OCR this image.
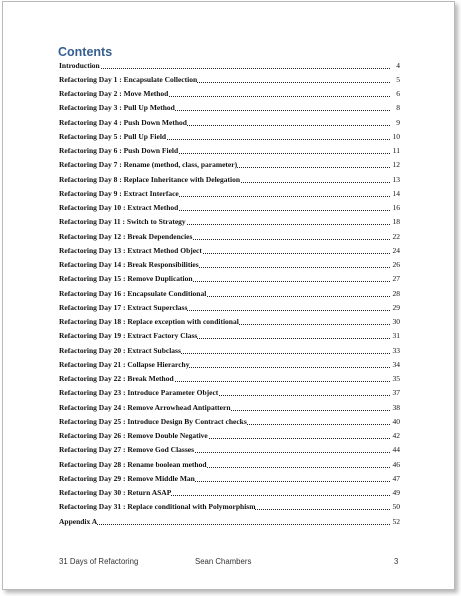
Contents
Introduction	4
Refactoring Day 1 : Encapsulate Collection	5
Refactoring Day 2 : Move Method	6
Refactoring Day 3 : Pull Up Method	8
Refactoring Day 4 : Push Down Method	9
Refactoring Day 5 : Pull Up Field	10
Refactoring Day 6 : Push Down Field	11
Refactoring Day 7 : Rename (method, class, parameter)	12
Refactoring Day 8 : Replace Inheritance with Delegation	13
Refactoring Day 9 : Extract Interface	14
Refactoring Day 10 : Extract Method	16
Refactoring Day 11 : Switch to Strategy	18
Refactoring Day 12 : Break Dependencies	22
Refactoring Day 13 : Extract Method Object	24
Refactoring Day 14 : Break Responsibilities	26
Refactoring Day 15 : Remove Duplication	27
Refactoring Day 16 : Encapsulate Conditional	28
Refactoring Day 17 : Extract Superclass	29
Refactoring Day 18 : Replace exception with conditional	30
Refactoring Day 19 : Extract Factory Class	31
Refactoring Day 20 : Extract Subclass	33
Refactoring Day 21 : Collapse Hierarchy	34
Refactoring Day 22 : Break Method	35
Refactoring Day 23 : Introduce Parameter Object	37
Refactoring Day 24 : Remove Arrowhead Antipattern	38
Refactoring Day 25 : Introduce Design By Contract checks	40
Refactoring Day 26 : Remove Double Negative	42
Refactoring Day 27 : Remove God Classes	44
Refactoring Day 28 : Rename boolean method	46
Refactoring Day 29 : Remove Middle Man	47
Refactoring Day 30 : Return ASAP	49
Refactoring Day 31 : Replace conditional with Polymorphism	50
Appendix A	52
31 Days of Refactoring	Sean Chambers	3
